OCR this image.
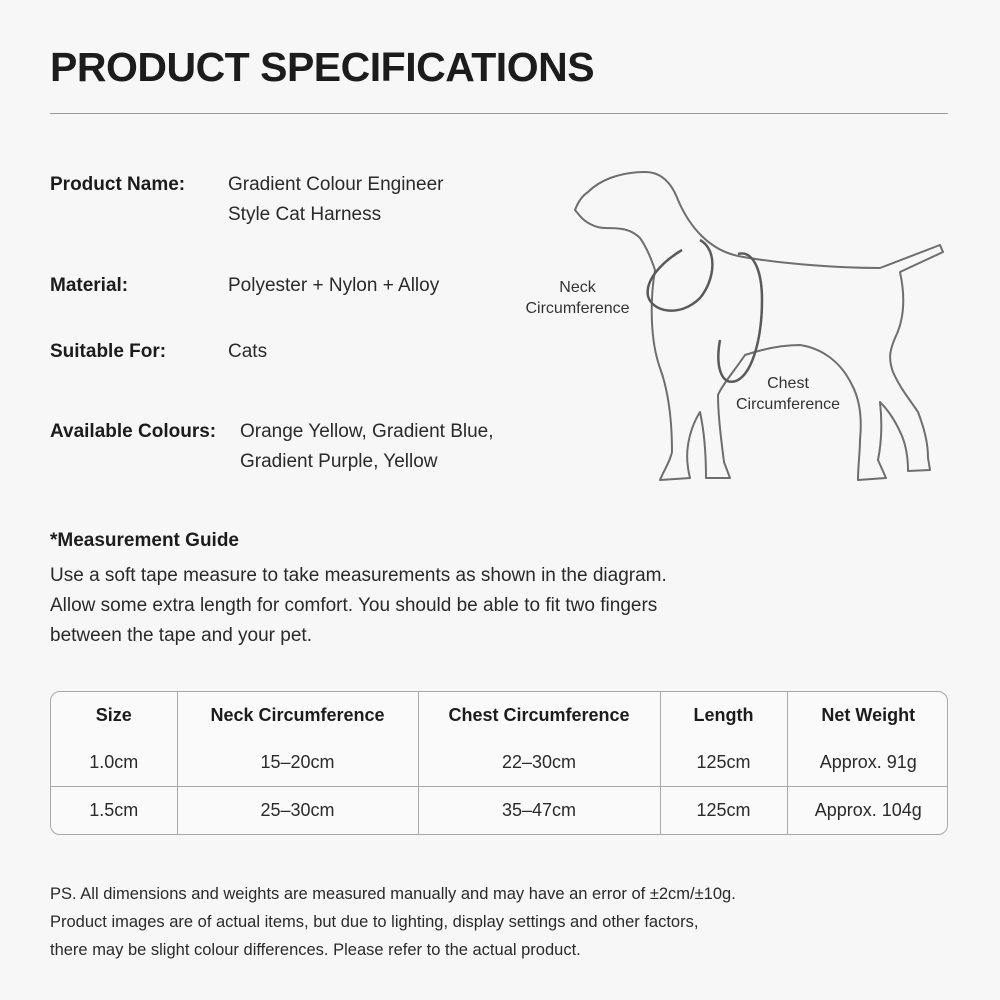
PRODUCT SPECIFICATIONS
Product Name: Gradient Colour Engineer
Style Cat Harness
Material:	Polyester + Nylon + Alloy
Suitable For:	Cats
Available Colours: Orange Yellow, Gradient Blue,
Gradient Purple, Yellow
Neck
Circumference
Chest
Circumference
*Measurement Guide
Use a soft tape measure to take measurements as shown in the diagram.
Allow some extra length for comfort. You should be able to fit two fingers
between the tape and your pet.
Size	Neck Circumference	Chest Circumference	Length	Net Weight
1.0cm	15–20cm	22–30cm	125cm	Approx. 91g
1.5cm	25–30cm	35–47cm	125cm	Approx. 104g
PS. All dimensions and weights are measured manually and may have an error of ±2cm/±10g.
Product images are of actual items, but due to lighting, display settings and other factors,
there may be slight colour differences. Please refer to the actual product.
